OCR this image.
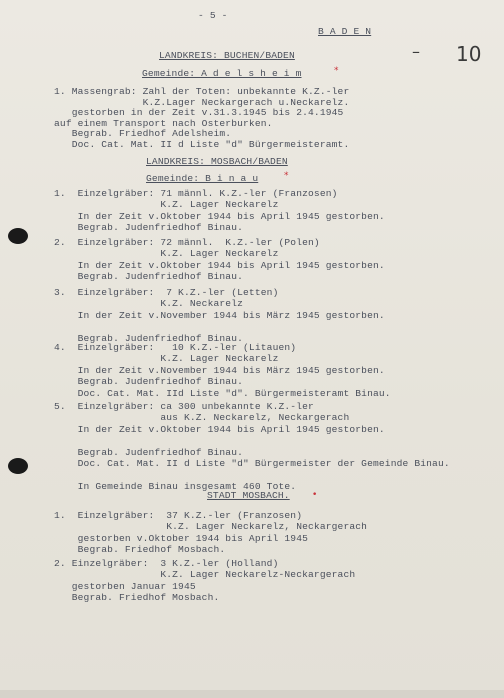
- 5 -
B A D E N
– 10
LANDKREIS: BUCHEN/BADEN
Gemeinde: A d e l s h e i m	*
1. Massengrab: Zahl der Toten: unbekannte K.Z.-ler
K.Z.Lager Neckargerach u.Neckarelz.
gestorben in der Zeit v.31.3.1945 bis 2.4.1945
auf einem Transport nach Osterburken.
Begrab. Friedhof Adelsheim.
Doc. Cat. Mat. II d Liste "d" Bürgermeisteramt.
LANDKREIS: MOSBACH/BADEN
Gemeinde: B i n a u	*
1.  Einzelgräber: 71 männl. K.Z.-ler (Franzosen)
K.Z. Lager Neckarelz
In der Zeit v.Oktober 1944 bis April 1945 gestorben.
Begrab. Judenfriedhof Binau.
2.  Einzelgräber: 72 männl.  K.Z.-ler (Polen)
K.Z. Lager Neckarelz
In der Zeit v.Oktober 1944 bis April 1945 gestorben.
Begrab. Judenfriedhof Binau.
3.  Einzelgräber:  7 K.Z.-ler (Letten)
K.Z. Neckarelz
In der Zeit v.November 1944 bis März 1945 gestorben.
Begrab. Judenfriedhof Binau.
4.  Einzelgräber:   10 K.Z.-ler (Litauen)
K.Z. Lager Neckarelz
In der Zeit v.November 1944 bis März 1945 gestorben.
Begrab. Judenfriedhof Binau.
Doc. Cat. Mat. IId Liste "d". Bürgermeisteramt Binau.
5.  Einzelgräber: ca 300 unbekannte K.Z.-ler
aus K.Z. Neckarelz, Neckargerach
In der Zeit v.Oktober 1944 bis April 1945 gestorben.
Begrab. Judenfriedhof Binau.
Doc. Cat. Mat. II d Liste "d" Bürgermeister der Gemeinde Binau.
In Gemeinde Binau insgesamt 460 Tote.
STADT MOSBACH. •
1.  Einzelgräber:  37 K.Z.-ler (Franzosen)
K.Z. Lager Neckarelz, Neckargerach
gestorben v.Oktober 1944 bis April 1945
Begrab. Friedhof Mosbach.
2. Einzelgräber:  3 K.Z.-ler (Holland)
K.Z. Lager Neckarelz-Neckargerach
gestorben Januar 1945
Begrab. Friedhof Mosbach.
